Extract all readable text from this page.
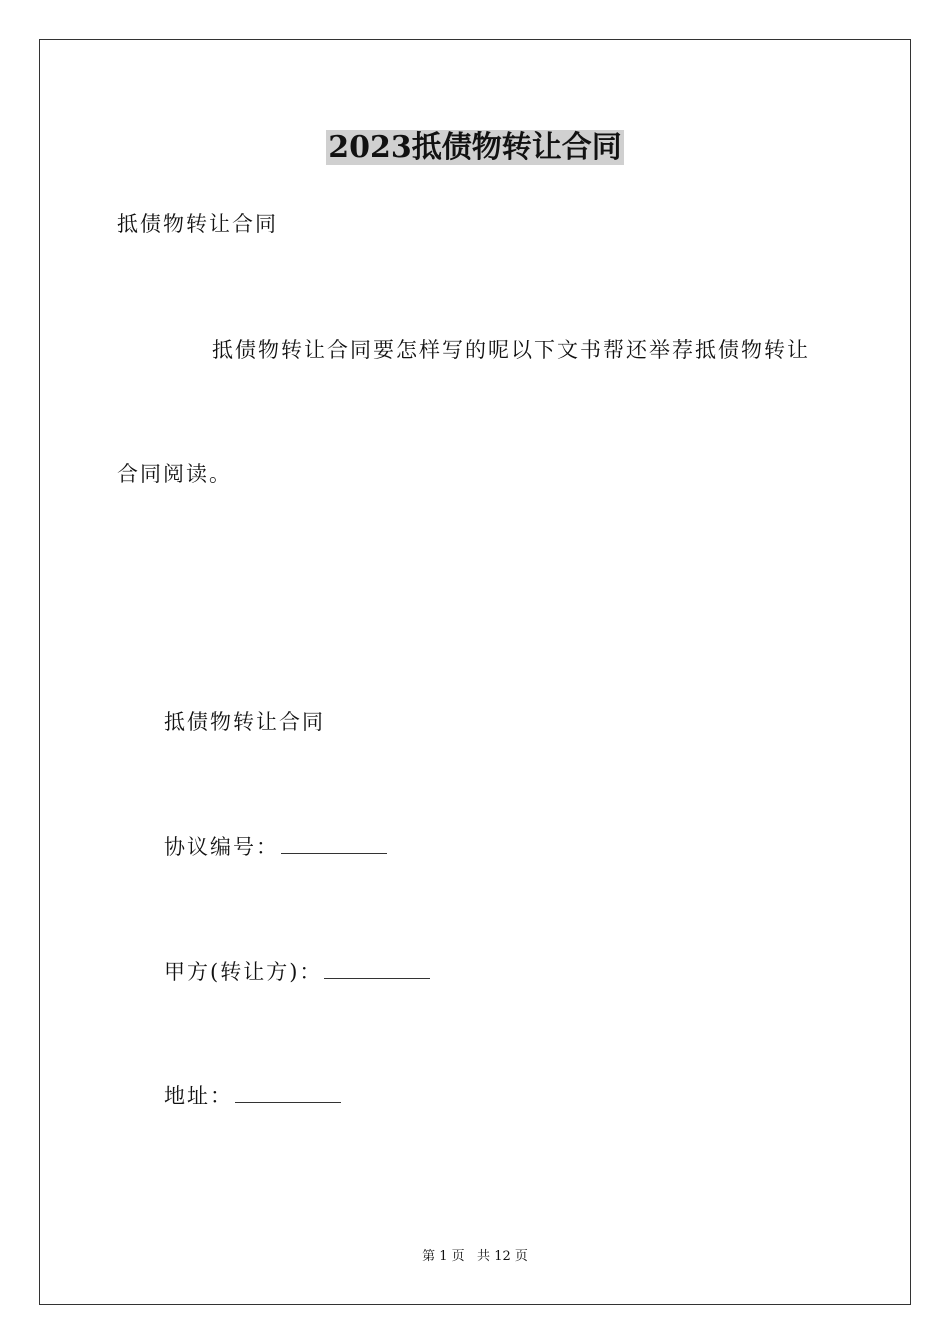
2023抵债物转让合同
抵债物转让合同
抵债物转让合同要怎样写的呢以下文书帮还举荐抵债物转让
合同阅读。
抵债物转让合同
协议编号：
甲方(转让方)：
地址：
第 1 页   共 12 页
